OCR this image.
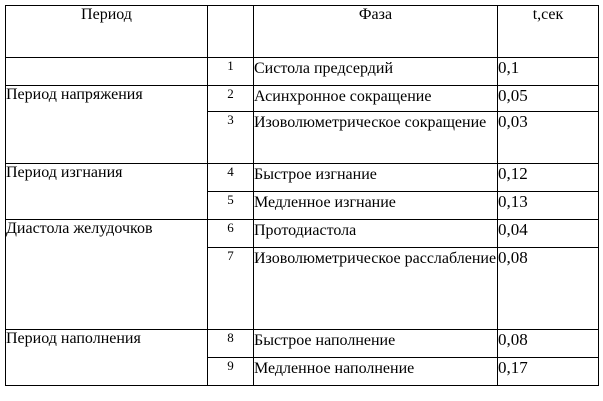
Период		Фаза	t,сек
	1	Систола предсердий	0,1
Период напряжения	2	Асинхронное сокращение	0,05
	3	Изоволюметрическое сокращение	0,03
Период изгнания	4	Быстрое изгнание	0,12
	5	Медленное изгнание	0,13
Диастола желудочков	6	Протодиастола	0,04
	7	Изоволюметрическое расслабление	0,08
Период наполнения	8	Быстрое наполнение	0,08
	9	Медленное наполнение	0,17
